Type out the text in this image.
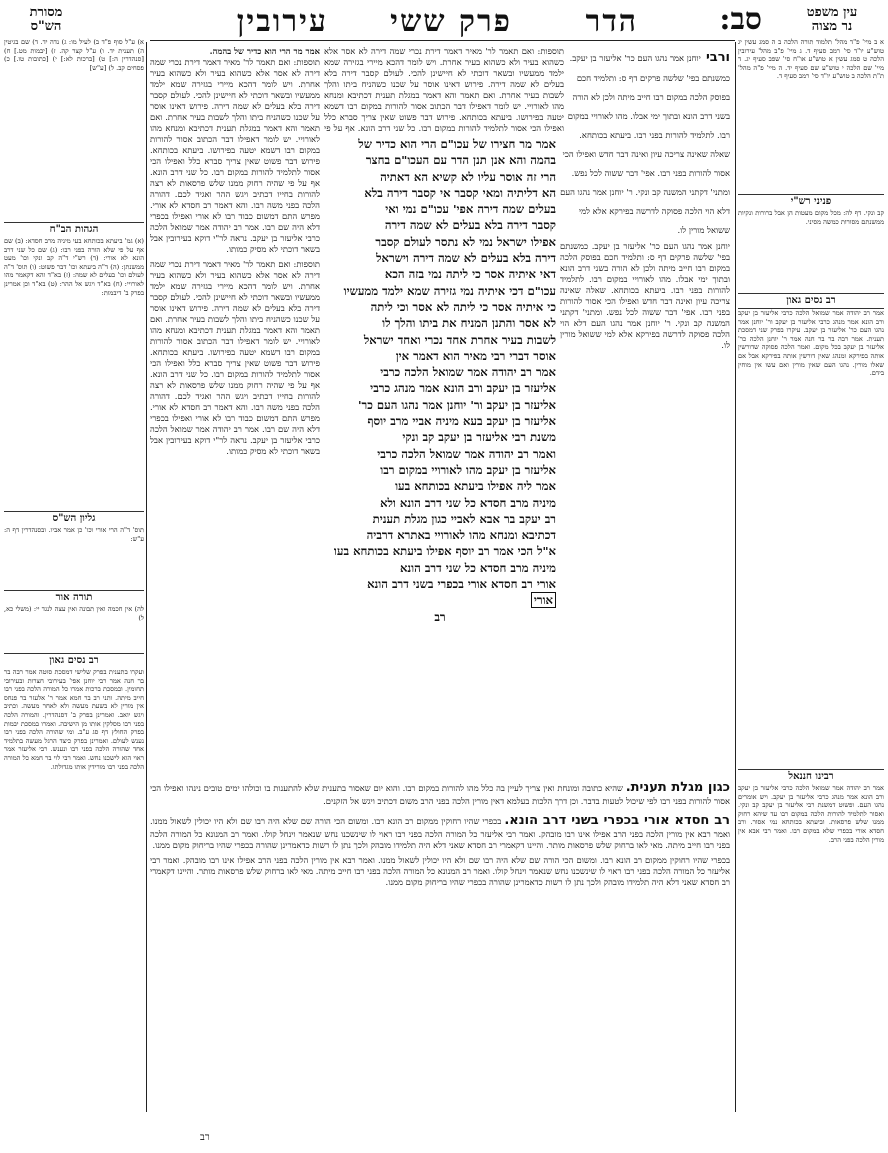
עין משפט
נר מצוה
סב:
הדר
פרק ששי
עירובין
מסורת
הש"ס
א ב מיי' פ"ד מהל' תלמוד תורה הלכה ב ה סמג עשין יג טוש"ע יו"ד סי' רמב סעיף ד. ג מיי' פ"ב מהל' עירובין הלכה ט סמג עשין א טוש"ע או"ח סי' שפב סעיף יג. ד מיי' שם הלכה י טוש"ע שם סעיף יד. ה מיי' פ"ה מהל' ת"ת הלכה ב טוש"ע יו"ד סי' רמב סעיף ד.
פניני רש"י
קב ונקי. דף לה: מכל מקום מעטות הן אבל ברורות ונקיות ממשנתם מסורות כמשה מסיני.
רב נסים גאון
אמר רב יהודה אמר שמואל הלכה כרבי אליעזר בן יעקב ורב הונא אמר מנהג כרבי אליעזר בן יעקב ור' יוחנן אמר נהגו העם כר' אליעזר בן יעקב. עיקרו בפרק שני דמסכת תענית. אמר רבה בר בר חנה אמר ר' יוחנן הלכה כר' אליעזר בן יעקב בכל מקום. ואמר הלכה פסוקה שדורשין אותה בפירקא ומנהג שאין דורשין אותה בפירקא אבל אם שאלו מורין. נהגו העם שאין מורין ואם עשו אין מוחין בידם.
רבינו חננאל
אמר רב יהודה אמר שמואל הלכה כרבי אליעזר בן יעקב ורב הונא אמר מנהג כרבי אליעזר בן יעקב. ויש אומרים נהגו העם. ופשוט דמשנת רבי אליעזר בן יעקב קב ונקי. ואסור לתלמיד להורות הלכה במקום רבו עד שיהא רחוק ממנו שלש פרסאות. וביעתא בכותחא נמי אסור. ורב חסדא אורי בכפרי שלא במקום רבו. ואמר רבי אבא אין מורין הלכה בפני הרב.
ורבי יוחנן אמר נהגו העם כר' אליעזר בן יעקב. כמשנתם בפי' שלשה פרקים דף ס: ותלמיד חכם בפוסק הלכה במקום רבו חייב מיתה ולכן לא הורה בשני דרב הונא ובתוך ימי אבלו. מהו לאורויי במקום רבו. לתלמיד להורות בפני רבו. ביעתא בכותחא. שאלה שאינה צריכה עיון ואינה דבר חדש ואפילו הכי אסור להורות בפני רבו. אפי' דבר ששוה לכל נפש. ומתני' דקתני המשנה קב ונקי. ר' יוחנן אמר נהגו העם דלא הוי הלכה פסוקה לדרשה בפירקא אלא למי ששואל מורין לו.
יוחנן אמר נהגו העם כר' אליעזר בן יעקב. כמשנתם בפי' שלשה פרקים דף ס: ותלמיד חכם בפוסק הלכה במקום רבו חייב מיתה ולכן לא הורה בשני דרב הונא ובתוך ימי אבלו. מהו לאורויי במקום רבו. לתלמיד להורות בפני רבו. ביעתא בכותחא. שאלה שאינה צריכה עיון ואינה דבר חדש ואפילו הכי אסור להורות בפני רבו. אפי' דבר ששוה לכל נפש. ומתני' דקתני המשנה קב ונקי. ר' יוחנן אמר נהגו העם דלא הוי הלכה פסוקה לדרשה בפירקא אלא למי ששואל מורין לו.
אמר מר חצירו של עכו"ם הרי הוא כדיר של
בהמה והא אנן תנן הדר עם העכו"ם בחצר
הרי זה אוסר עליו לא קשיא הא דאתיה
הא דליתיה ומאי קסבר אי קסבר דירה בלא
בעלים שמה דירה אפי' עכו"ם נמי ואי
קסבר דירה בלא בעלים לא שמה דירה
אפילו ישראל נמי לא נתסר לעולם קסבר
דירה בלא בעלים לא שמה דירה וישראל
דאי איתיה אסר כי ליתה נמי בזה הכא
עכו"ם דכי איתיה נמי גזירה שמא ילמד ממעשיו
כי איתיה אסר כי ליתה לא אסר וכי ליתה
לא אסר והתנן המניח את ביתו והלך לו
לשבות בעיר אחרת אחד נכרי ואחד ישראל
אוסר דברי רבי מאיר הוא דאמר אין
אמר רב יהודה אמר שמואל הלכה כרבי
אליעזר בן יעקב ורב הונא אמר מנהג כרבי
אליעזר בן יעקב ור' יוחנן אמר נהגו העם כר'
אליעזר בן יעקב בעא מיניה אביי מרב יוסף
משנת רבי אליעזר בן יעקב קב ונקי
ואמר רב יהודה אמר שמואל הלכה כרבי
אליעזר בן יעקב מהו לאורויי במקום רבו
אמר ליה אפילו ביעתא בכותחא בעו
מיניה מרב חסדא כל שני דרב הונא ולא
רב יעקב בר אבא לאביי כגון מגלת תענית
דכתיבא ומנחא מהו לאורויי באתרא דרביה
א"ל הכי אמר רב יוסף אפילו ביעתא בכותחא בעו
מיניה מרב חסדא כל שני דרב הונא
אורי רב חסדא אורי בכפרי בשני דרב הונא
אורי
רב
אמר מר הרי הוא כדיר של בהמה.
תוספות: ואם תאמר לר' מאיר דאמר דירת נכרי שמה דירה לא אסר אלא כשהוא בעיר ולא כשהוא בעיר אחרת. ויש לומר דהכא מיירי בגזירה שמא ילמד ממעשיו ובשאר דוכתי לא חיישינן להכי. לעולם קסבר דירה בלא בעלים לא שמה דירה. פירוש דאינו אוסר על שכנו כשהניח ביתו והלך לשבות בעיר אחרת. ואם תאמר והא דאמר במגלת תענית דכתיבא ומנחא מהו לאורויי. יש לומר דאפילו דבר הכתוב אסור להורות במקום רבו דשמא יטעה בפירושו. ביעתא בכותחא. פירוש דבר פשוט שאין צריך סברא כלל ואפילו הכי אסור לתלמיד להורות במקום רבו. כל שני דרב הונא. אף על פי שהיה רחוק ממנו שלש פרסאות לא רצה להורות בחייו דכתיב ויגש ההר ואגיד לכם. דהורה הלכה בפני משה רבו. והא דאמר רב חסדא לא אורי. מפרש התם דמשום כבוד רבו לא אורי ואפילו בכפרי דלא היה שם רבו. אמר רב יהודה אמר שמואל הלכה כרבי אליעזר בן יעקב. נראה לר"י דוקא בעירובין אבל בשאר דוכתי לא מסיק כמותו.
תוספות: ואם תאמר לר' מאיר דאמר דירת נכרי שמה דירה לא אסר אלא כשהוא בעיר ולא כשהוא בעיר אחרת. ויש לומר דהכא מיירי בגזירה שמא ילמד ממעשיו ובשאר דוכתי לא חיישינן להכי. לעולם קסבר דירה בלא בעלים לא שמה דירה. פירוש דאינו אוסר על שכנו כשהניח ביתו והלך לשבות בעיר אחרת. ואם תאמר והא דאמר במגלת תענית דכתיבא ומנחא מהו לאורויי. יש לומר דאפילו דבר הכתוב אסור להורות במקום רבו דשמא יטעה בפירושו. ביעתא בכותחא. פירוש דבר פשוט שאין צריך סברא כלל ואפילו הכי אסור לתלמיד להורות במקום רבו. כל שני דרב הונא. אף על פי שהיה רחוק ממנו שלש פרסאות לא רצה להורות בחייו דכתיב ויגש ההר ואגיד לכם. דהורה הלכה בפני משה רבו. והא דאמר רב חסדא לא אורי. מפרש התם דמשום כבוד רבו לא אורי ואפילו בכפרי דלא היה שם רבו. אמר רב יהודה אמר שמואל הלכה כרבי אליעזר בן יעקב. נראה לר"י דוקא בעירובין אבל בשאר דוכתי לא מסיק כמותו.
תוספות: ואם תאמר לר' מאיר דאמר דירת נכרי שמה דירה לא אסר אלא כשהוא בעיר ולא כשהוא בעיר אחרת. ויש לומר דהכא מיירי בגזירה שמא ילמד ממעשיו ובשאר דוכתי לא חיישינן להכי. לעולם קסבר דירה בלא בעלים לא שמה דירה. פירוש דאינו אוסר על שכנו כשהניח ביתו והלך לשבות בעיר אחרת. ואם תאמר והא דאמר במגלת תענית דכתיבא ומנחא מהו לאורויי. יש לומר דאפילו דבר הכתוב אסור להורות במקום רבו דשמא יטעה בפירושו. ביעתא בכותחא. פירוש דבר פשוט שאין צריך סברא כלל ואפילו הכי אסור לתלמיד להורות במקום רבו. כל שני דרב הונא. אף על פי
א) ע"ל סוף פ"ד ב) לעיל מו: ג) נדה יד. ד) שם בגיטין ה) תענית יד. ו) ע"ל קצר קה. ז) [יבמות מט.] ח) [סנהדרין ה:] ט) [ברכות לא:] י) [כתובות טו.] כ) פסחים קב. ל) [ע"ש]
הגהות הב"ח
(א) גמ' ביעתא בכותחא בעי מיניה מרב חסדא: (ב) שם אף על פי שלא הורה בפני רבו: (ג) שם כל שני דרב הונא לא אורי: (ד) רש"י ד"ה קב ונקי וכו' מעט ממשנתן: (ה) ד"ה ביעתא וכו' דבר פשוט: (ו) תוס' ד"ה לעולם וכו' בעלים לא שמה: (ז) בא"ד והא דקאמר מהו לאורויי: (ח) בא"ד ויגש אל ההר: (ט) בא"ד וכן אמרינן בפרק ב' דיבמות:
גליון הש"ס
תוס' ד"ה הרי אורי וכו' כן אמר אביו. ובסנהדרין דף ה: ע"ש:
תורה אור
לה) אין חכמה ואין תבונה ואין עצה לנגד יי: (משלי כא, ל)
רב נסים גאון
ועקרו בתענית בפרק שלישי דמסכת סוטה אמר רבה בר בר חנה אמר רבי יוחנן אפי' בעירובי חצרות ובעירובי תחומין. ובמסכת ברכות אמרו כל המורה הלכה בפני רבו חייב מיתה. ותני רב בר חמא אמר ר' אלעזר בר פנחס אין מורין לא בשעת מעשה ולא לאחר מעשה. וכתיב ויגש יואב. ואמרינן בפרק ב' דסנהדרין. והמורה הלכה בפני רבו מסלקין אותו מן הישיבה. ואמרו במסכת יבמות בפרק החולץ דף סג ע"ב. ומי שהורה הלכה בפני רבו נענש לעולם. ואמרינן בפרק כיצד הרגל מעשה בתלמיד אחד שהורה הלכה בפני רבו ונענש. רבי אליעזר אמר ראוי הוא לישכנו נחש. ואמר רבי לוי בר חמא כל המורה הלכה בפני רבו מורידין אותו מגדולתו.
כגון מגלת תענית. שהיא כתובה ומונחת ואין צריך לעיין בה כלל מהו להורות במקום רבו. והוא יום שאסור בתענית שלא להתענות בו וכולהו ימים טובים נינהו ואפילו הכי אסור להורות בפני רבו לפי שיכול לטעות בדבר. וכן דרך הלכות בעלמא דאין מורין הלכה בפני הרב משום דכתיב ויגש אל הזקנים.
רב חסדא אורי בכפרי בשני דרב הונא. בכפרי שהיו רחוקין ממקום רב הונא רבו. ומשום הכי הורה שם שלא היה רבו שם ולא היו יכולין לשאול ממנו. ואמר רבא אין מורין הלכה בפני הרב אפילו אינו רבו מובהק. ואמר רבי אליעזר כל המורה הלכה בפני רבו ראוי לו שינשכנו נחש שנאמר וינחל קולו. ואמר רב המנונא כל המורה הלכה בפני רבו חייב מיתה. מאי לאו ברחוק שלש פרסאות מותר. והיינו דקאמרי רב חסדא שאני דלא היה תלמידו מובהק ולכך נתן לו רשות כדאמרינן שהורה בכפרי שהיו בריחוק מקום ממנו.
בכפרי שהיו רחוקין ממקום רב הונא רבו. ומשום הכי הורה שם שלא היה רבו שם ולא היו יכולין לשאול ממנו. ואמר רבא אין מורין הלכה בפני הרב אפילו אינו רבו מובהק. ואמר רבי אליעזר כל המורה הלכה בפני רבו ראוי לו שינשכנו נחש שנאמר וינחל קולו. ואמר רב המנונא כל המורה הלכה בפני רבו חייב מיתה. מאי לאו ברחוק שלש פרסאות מותר. והיינו דקאמרי רב חסדא שאני דלא היה תלמידו מובהק ולכך נתן לו רשות כדאמרינן שהורה בכפרי שהיו בריחוק מקום ממנו.
רב
